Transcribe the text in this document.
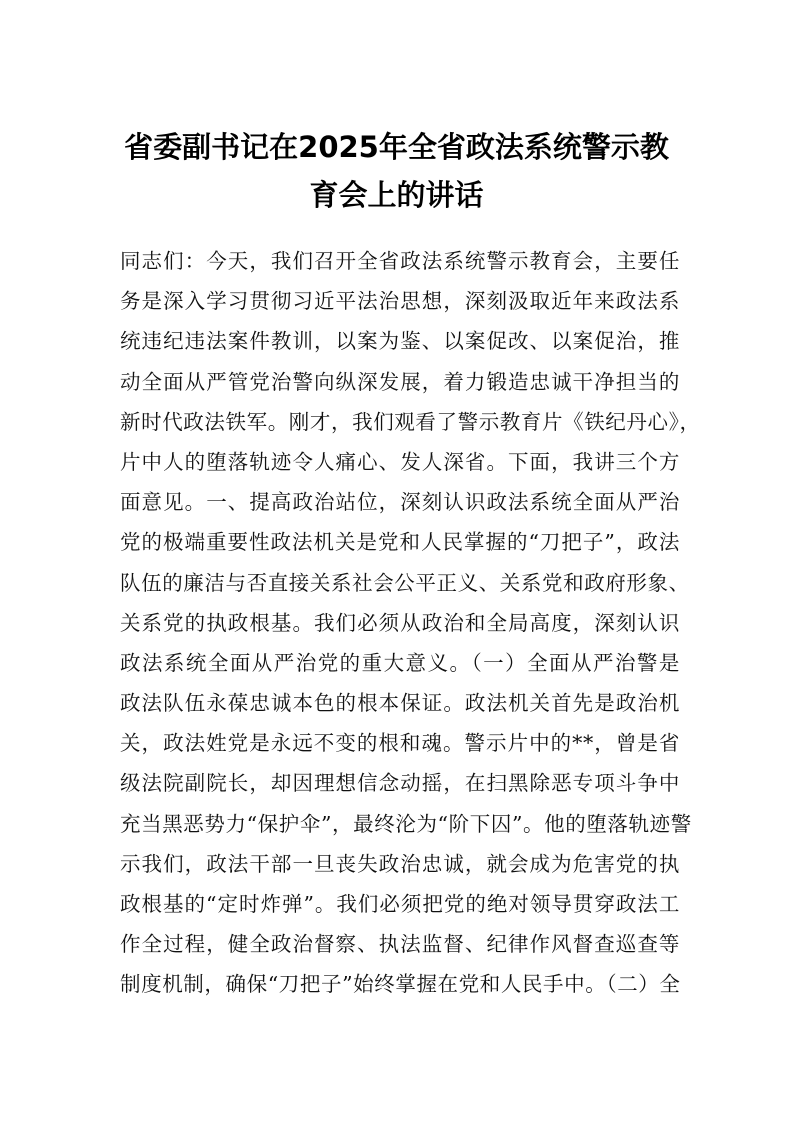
省委副书记在2025年全省政法系统警示教
育会上的讲话
同志们：今天，我们召开全省政法系统警示教育会，主要任
务是深入学习贯彻习近平法治思想，深刻汲取近年来政法系
统违纪违法案件教训，以案为鉴、以案促改、以案促治，推
动全面从严管党治警向纵深发展，着力锻造忠诚干净担当的
新时代政法铁军。刚才，我们观看了警示教育片《铁纪丹心》，
片中人的堕落轨迹令人痛心、发人深省。下面，我讲三个方
面意见。一、提高政治站位，深刻认识政法系统全面从严治
党的极端重要性政法机关是党和人民掌握的“刀把子”，政法
队伍的廉洁与否直接关系社会公平正义、关系党和政府形象、
关系党的执政根基。我们必须从政治和全局高度，深刻认识
政法系统全面从严治党的重大意义。（一）全面从严治警是
政法队伍永葆忠诚本色的根本保证。政法机关首先是政治机
关，政法姓党是永远不变的根和魂。警示片中的**，曾是省
级法院副院长，却因理想信念动摇，在扫黑除恶专项斗争中
充当黑恶势力“保护伞”，最终沦为“阶下囚”。他的堕落轨迹警
示我们，政法干部一旦丧失政治忠诚，就会成为危害党的执
政根基的“定时炸弹”。我们必须把党的绝对领导贯穿政法工
作全过程，健全政治督察、执法监督、纪律作风督查巡查等
制度机制，确保“刀把子”始终掌握在党和人民手中。（二）全
